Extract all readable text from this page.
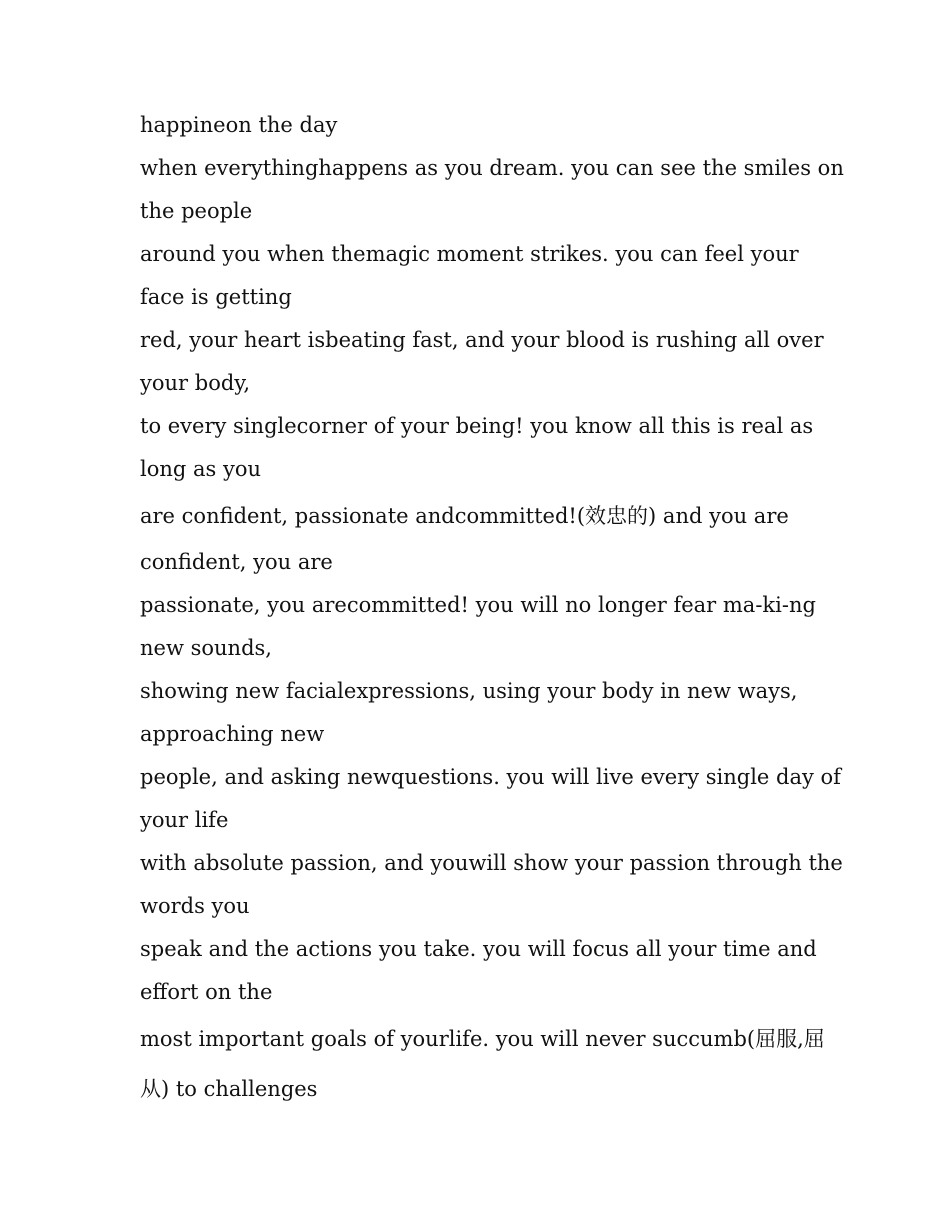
happineon the day

when everythinghappens as you dream. you can see the smiles on

the people

around you when themagic moment strikes. you can feel your

face is getting

red, your heart isbeating fast, and your blood is rushing all over

your body,

to every singlecorner of your being! you know all this is real as

long as you

are confident, passionate andcommitted!(效忠的) and you are

confident, you are

passionate, you arecommitted! you will no longer fear ma-ki-ng

new sounds,

showing new facialexpressions, using your body in new ways,

approaching new

people, and asking newquestions. you will live every single day of

your life

with absolute passion, and youwill show your passion through the

words you

speak and the actions you take. you will focus all your time and

effort on the

most important goals of yourlife. you will never succumb(屈服,屈

从) to challenges
